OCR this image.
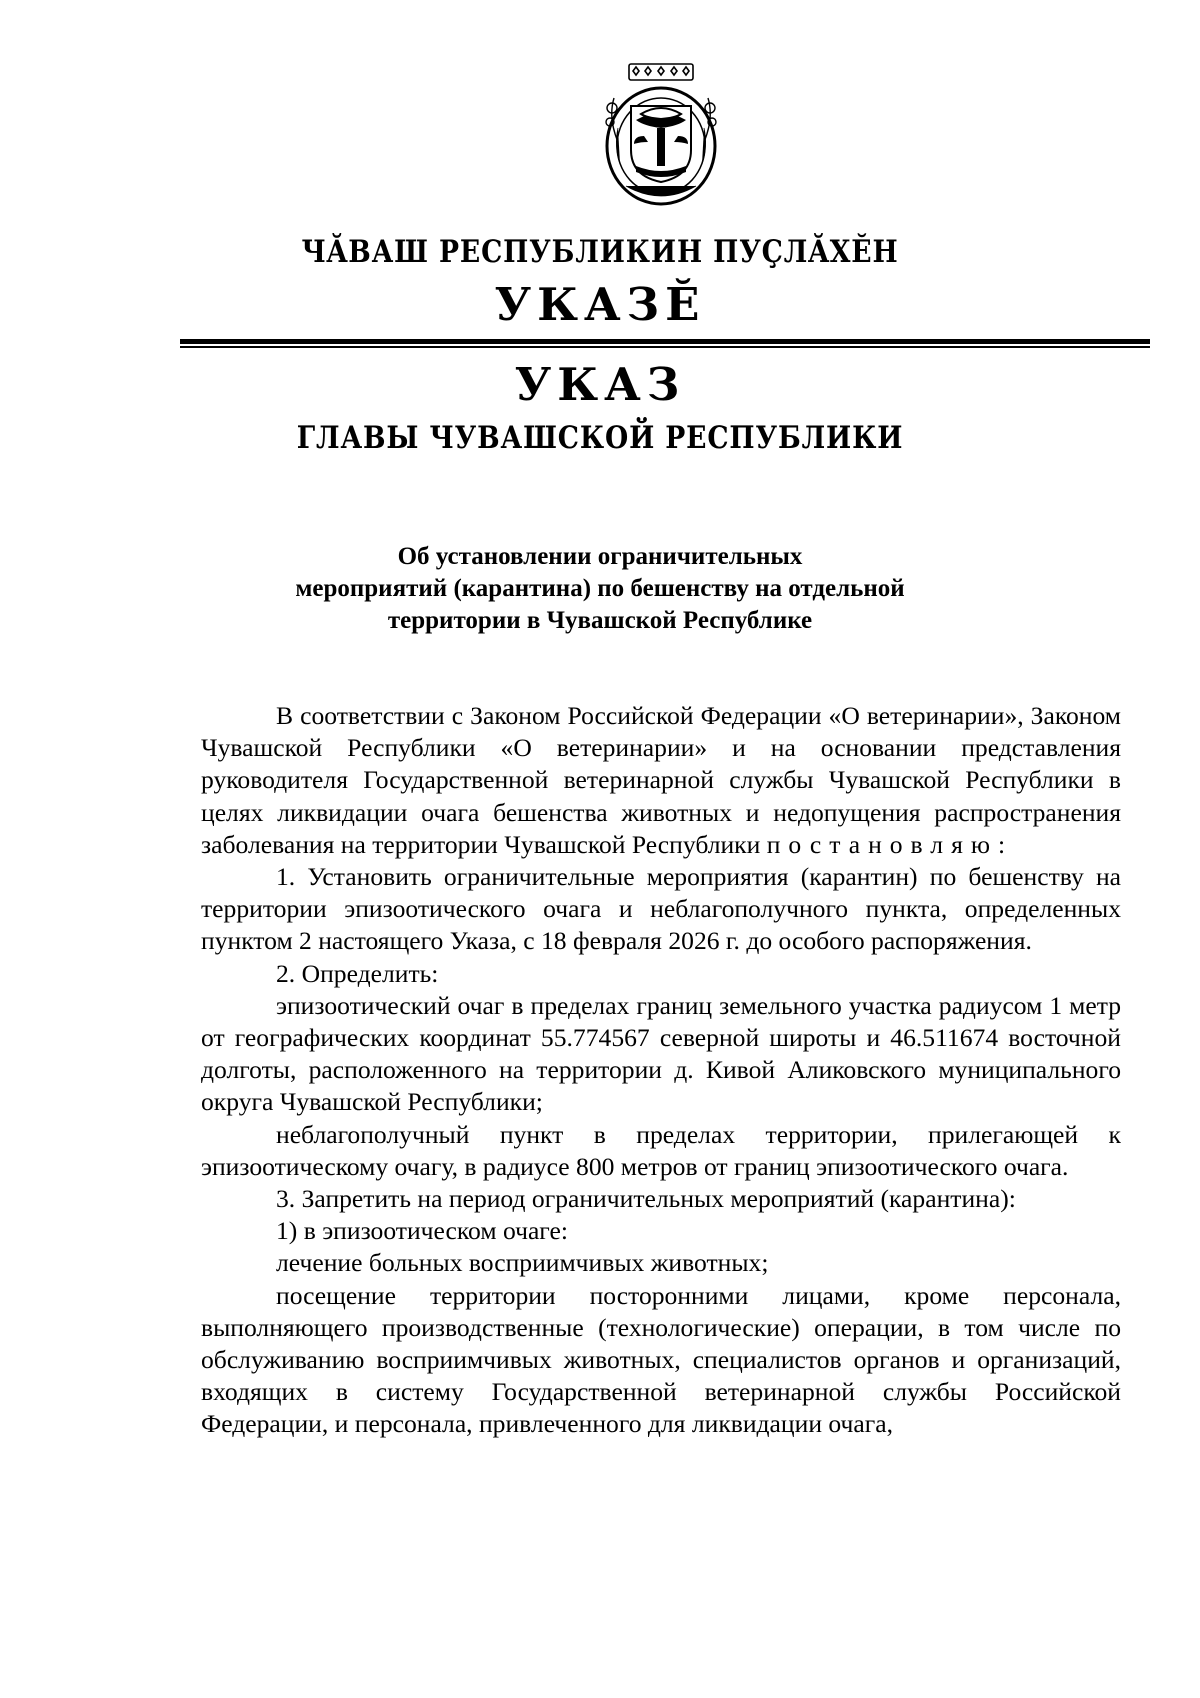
ЧĂВАШ РЕСПУБЛИКИН ПУÇЛĂХĔН
УКАЗĔ
УКАЗ
ГЛАВЫ ЧУВАШСКОЙ РЕСПУБЛИКИ
Об установлении ограничительных
мероприятий (карантина) по бешенству на отдельной
территории в Чувашской Республике

В соответствии с Законом Российской Федерации «О ветеринарии», Законом Чувашской Республики «О ветеринарии» и на основании представления руководителя Государственной ветеринарной службы Чувашской Республики в целях ликвидации очага бешенства животных и недопущения распространения заболевания на территории Чувашской Республики постановляю:

1. Установить ограничительные мероприятия (карантин) по бешенству на территории эпизоотического очага и неблагополучного пункта, определенных пунктом 2 настоящего Указа, с 18 февраля 2026 г. до особого распоряжения.

2. Определить:

эпизоотический очаг в пределах границ земельного участка радиусом 1 метр от географических координат 55.774567 северной широты и 46.511674 восточной долготы, расположенного на территории д. Кивой Аликовского муниципального округа Чувашской Республики;

неблагополучный пункт в пределах территории, прилегающей к эпизоотическому очагу, в радиусе 800 метров от границ эпизоотического очага.

3. Запретить на период ограничительных мероприятий (карантина):

1) в эпизоотическом очаге:

лечение больных восприимчивых животных;

посещение территории посторонними лицами, кроме персонала, выполняющего производственные (технологические) операции, в том числе по обслуживанию восприимчивых животных, специалистов органов и организаций, входящих в систему Государственной ветеринарной службы Российской Федерации, и персонала, привлеченного для ликвидации очага,
